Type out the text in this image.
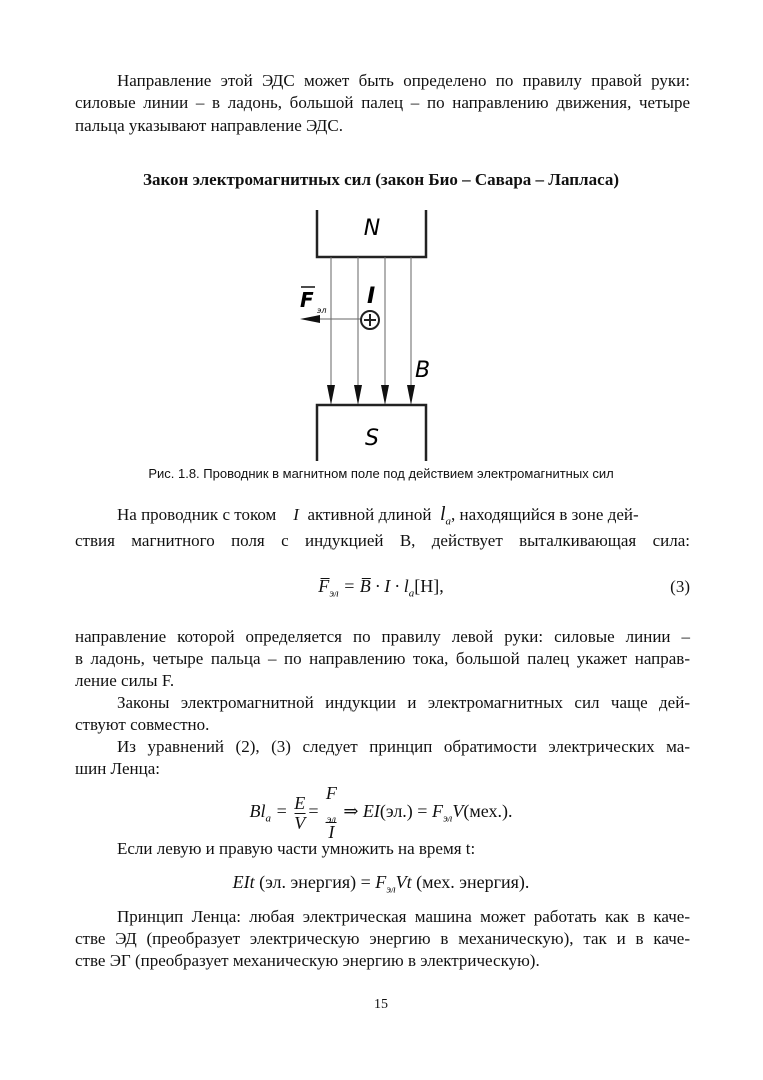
Направление этой ЭДС может быть определено по правилу правой руки:
силовые линии – в ладонь, большой палец – по направлению движения, четыре
пальца указывают направление ЭДС.
Закон электромагнитных сил (закон Био – Савара – Лапласа)
N
S
I
B
F эл
Рис. 1.8. Проводник в магнитном поле под действием электромагнитных сил
На проводник с током I активной длиной $l_a$, находящийся в зоне дей-
ствия магнитного поля с индукцией В, действует выталкивающая сила:
$F̅_{эл}$ = B̅ · $I \cdot l_a[Н]$,	(3)
направление которой определяется по правилу левой руки: силовые линии –
в ладонь, четыре пальца – по направлению тока, большой палец укажет направ-
ление силы F.
Законы электромагнитной индукции и электромагнитных сил чаще дей-
ствуют совместно.
Из уравнений (2), (3) следует принцип обратимости электрических ма-
шин Ленца:
$Bl_a = \frac{E}{V} = F$
$_{эл}$
I ⇒ $EI(эл.) = F_{эл}V(мех.)$.
Если левую и правую части умножить на время t:
EIt (эл. энергия) = $F_{эл}Vt$ (мех. энергия).
Принцип Ленца: любая электрическая машина может работать как в каче-
стве ЭД (преобразует электрическую энергию в механическую), так и в каче-
стве ЭГ (преобразует механическую энергию в электрическую).
15
